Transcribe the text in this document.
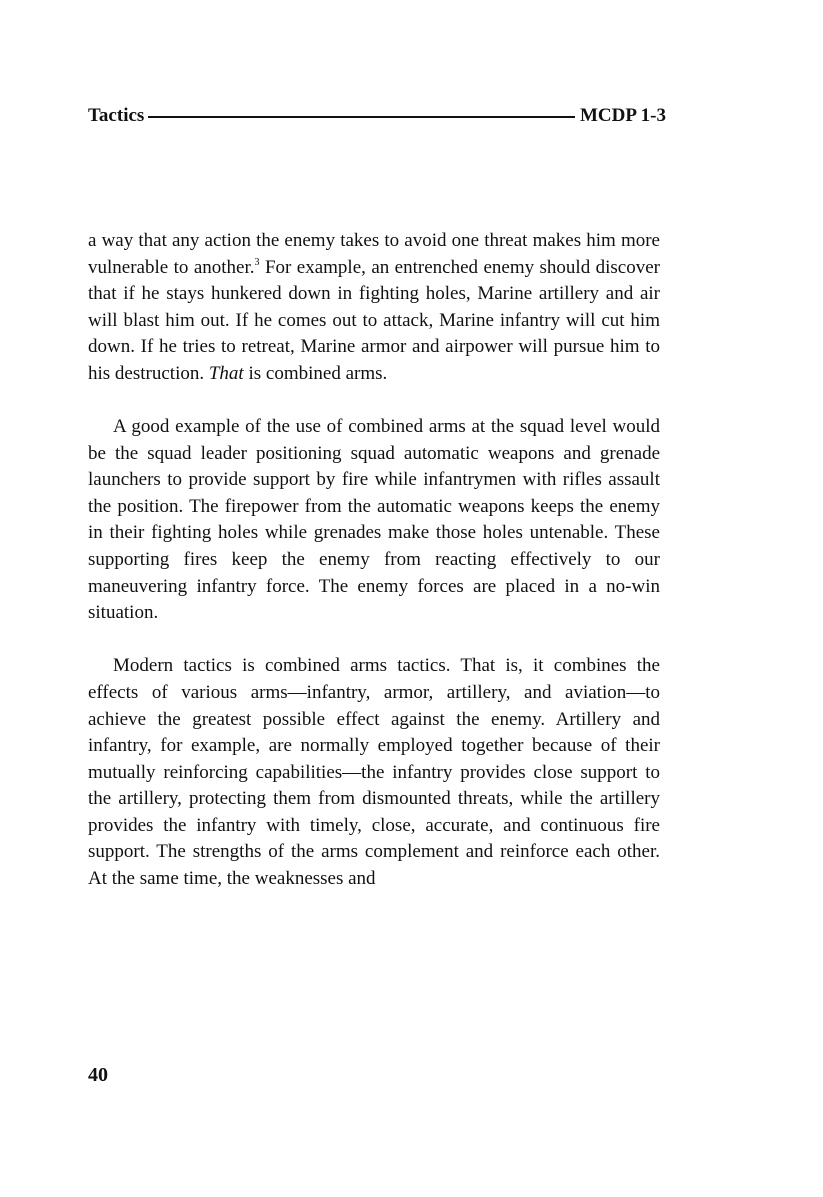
Tactics	MCDP 1-3

a way that any action the enemy takes to avoid one threat makes him more vulnerable to another.$^3$ For example, an entrenched enemy should discover that if he stays hunkered down in fighting holes, Marine artillery and air will blast him out. If he comes out to attack, Marine infantry will cut him down. If he tries to retreat, Marine armor and airpower will pursue him to his destruction. That is combined arms.

A good example of the use of combined arms at the squad level would be the squad leader positioning squad automatic weapons and grenade launchers to provide support by fire while infantrymen with rifles assault the position. The firepower from the automatic weapons keeps the enemy in their fighting holes while grenades make those holes untenable. These supporting fires keep the enemy from reacting effectively to our maneuvering infantry force. The enemy forces are placed in a no-win situation.

Modern tactics is combined arms tactics. That is, it combines the effects of various arms—infantry, armor, artillery, and aviation—to achieve the greatest possible effect against the enemy. Artillery and infantry, for example, are normally employed together because of their mutually reinforcing capabilities—the infantry provides close support to the artillery, protecting them from dismounted threats, while the artillery provides the infantry with timely, close, accurate, and continuous fire support. The strengths of the arms complement and reinforce each other. At the same time, the weaknesses and

40
